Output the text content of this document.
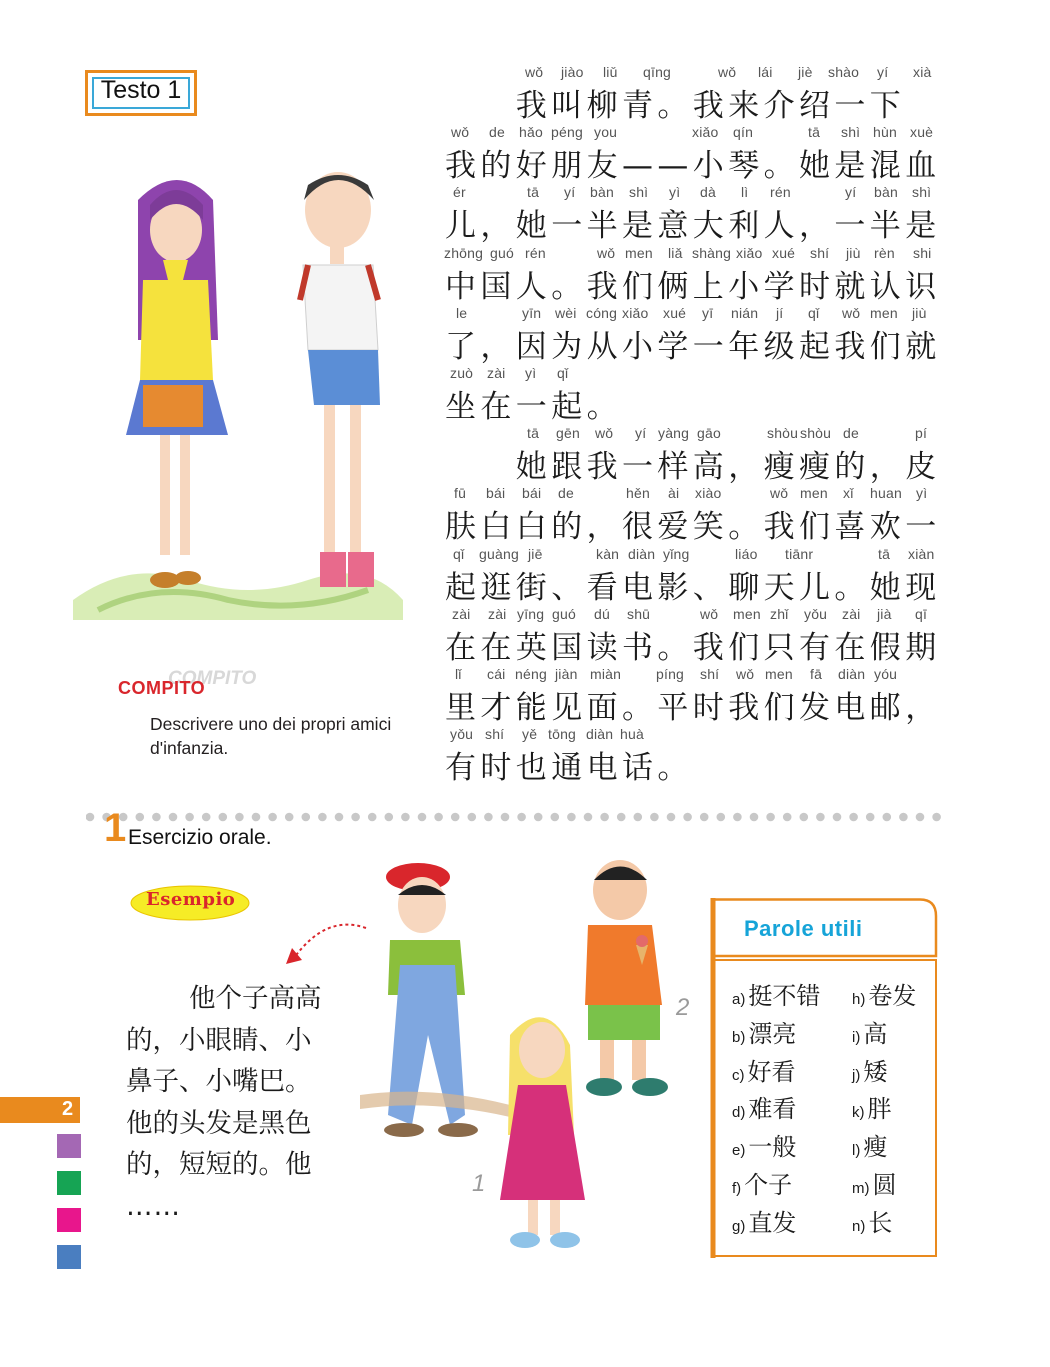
Testo 1
wǒ jiào liǔ qīng	wǒ lái jiè shào yí xià
　　我叫柳青。我来介绍一下
wǒ de hǎo péng you	xiǎo qín	tā shì hùn xuè
我的好朋友——小琴。她是混血
ér	tā yí bàn shì yì dà lì rén	yí bàn shì
儿，她一半是意大利人，一半是
zhōng guó rén	wǒ men liǎ shàng xiǎo xué shí jiù rèn shi
中国人。我们俩上小学时就认识
le	yīn wèi cóng xiǎo xué yī nián jí qǐ wǒ men jiù
了，因为从小学一年级起我们就
zuò zài yì qǐ
坐在一起。
tā gēn wǒ yí yàng gāo	shòu shòu de	pí
　　她跟我一样高，瘦瘦的，皮
fū bái bái de	hěn ài xiào	wǒ men xǐ huan yì
肤白白的，很爱笑。我们喜欢一
qǐ guàng jiē	kàn diàn yǐng	liáo tiānr	tā xiàn
起逛街、看电影、聊天儿。她现
zài zài yīng guó dú shū	wǒ men zhǐ yǒu zài jià qī
在在英国读书。我们只有在假期
lǐ cái néng jiàn miàn píng shí wǒ men fā diàn yóu
里才能见面。平时我们发电邮，
yǒu shí yě tōng diàn huà
有时也通电话。
COMPITO
COMPITO
Descrivere uno dei propri amici d'infanzia.
1 Esercizio orale.
Esempio
他个子高高
的，小眼睛、小
鼻子、小嘴巴。
他的头发是黑色
的，短短的。他
……
1
2
Parole utili
a) 挺不错
b) 漂亮
c) 好看
d) 难看
e) 一般
f) 个子
g) 直发
h) 卷发
i) 高
j) 矮
k) 胖
l) 瘦
m) 圆
n) 长
2
